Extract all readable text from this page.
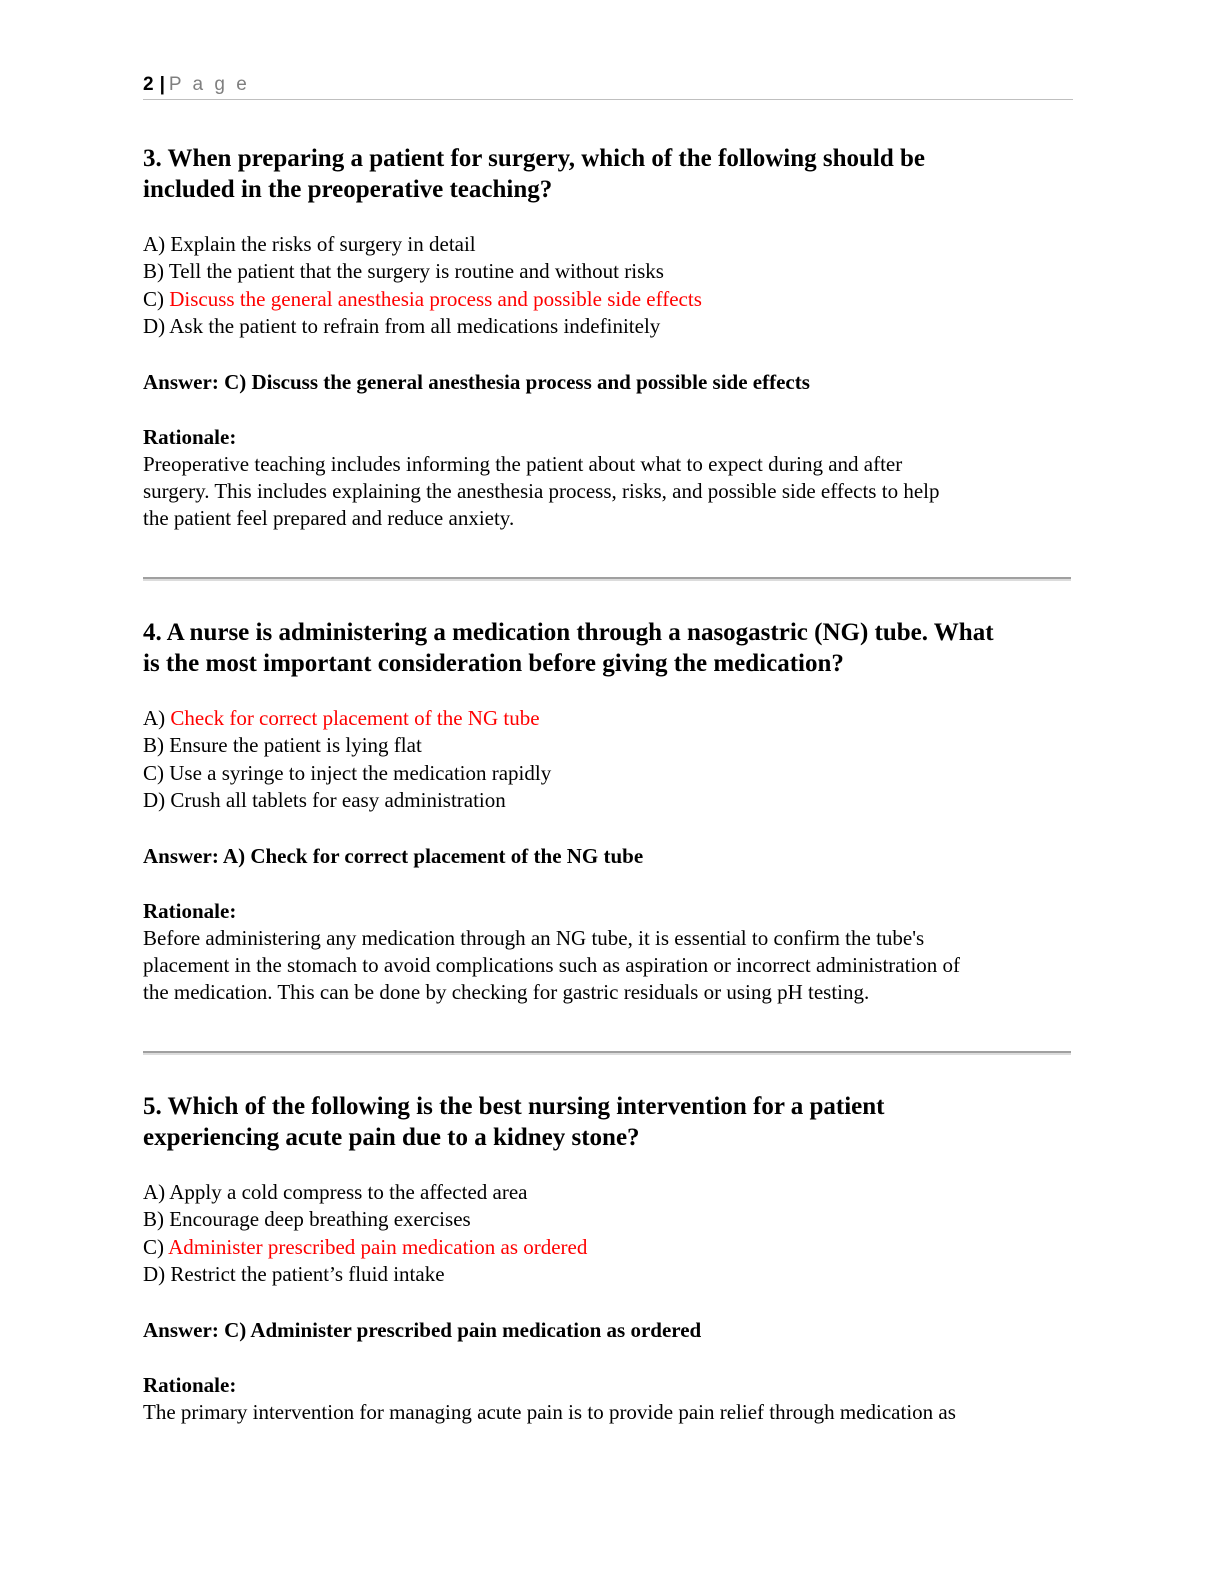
2 | P a g e
3. When preparing a patient for surgery, which of the following should be
included in the preoperative teaching?
A) Explain the risks of surgery in detail
B) Tell the patient that the surgery is routine and without risks
C) Discuss the general anesthesia process and possible side effects
D) Ask the patient to refrain from all medications indefinitely
Answer: C) Discuss the general anesthesia process and possible side effects
Rationale:
Preoperative teaching includes informing the patient about what to expect during and after
surgery. This includes explaining the anesthesia process, risks, and possible side effects to help
the patient feel prepared and reduce anxiety.
4. A nurse is administering a medication through a nasogastric (NG) tube. What
is the most important consideration before giving the medication?
A) Check for correct placement of the NG tube
B) Ensure the patient is lying flat
C) Use a syringe to inject the medication rapidly
D) Crush all tablets for easy administration
Answer: A) Check for correct placement of the NG tube
Rationale:
Before administering any medication through an NG tube, it is essential to confirm the tube's
placement in the stomach to avoid complications such as aspiration or incorrect administration of
the medication. This can be done by checking for gastric residuals or using pH testing.
5. Which of the following is the best nursing intervention for a patient
experiencing acute pain due to a kidney stone?
A) Apply a cold compress to the affected area
B) Encourage deep breathing exercises
C) Administer prescribed pain medication as ordered
D) Restrict the patient’s fluid intake
Answer: C) Administer prescribed pain medication as ordered
Rationale:
The primary intervention for managing acute pain is to provide pain relief through medication as
